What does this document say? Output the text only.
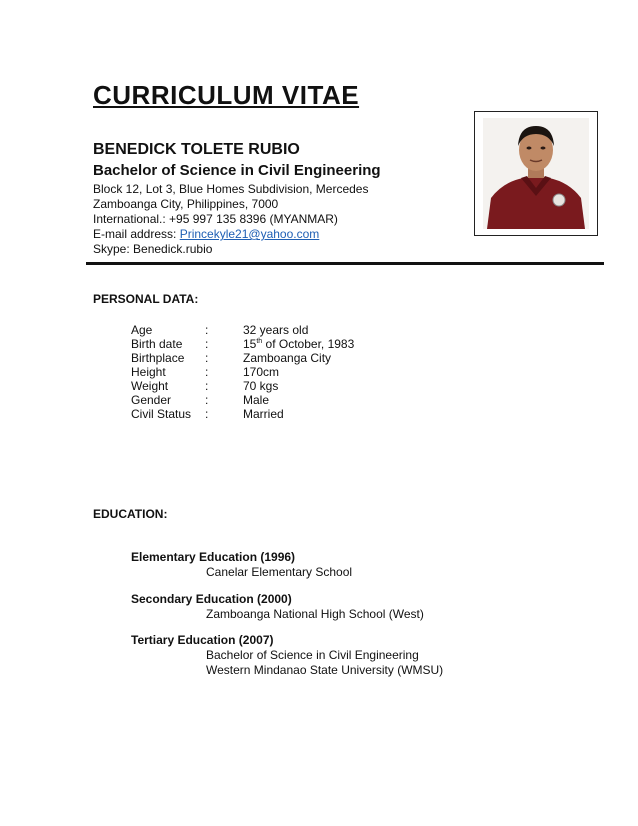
CURRICULUM VITAE
BENEDICK TOLETE RUBIO
Bachelor of Science in Civil Engineering
Block 12, Lot 3, Blue Homes Subdivision, Mercedes
Zamboanga City, Philippines, 7000
International.: +95 997 135 8396 (MYANMAR)
E-mail address: Princekyle21@yahoo.com
Skype: Benedick.rubio
PERSONAL DATA:
Age	:	32 years old
Birth date	:	15th of October, 1983
Birthplace	:	Zamboanga City
Height	:	170cm
Weight	:	70 kgs
Gender	:	Male
Civil Status	:	Married
EDUCATION:
Elementary Education (1996)
Canelar Elementary School
Secondary Education (2000)
Zamboanga National High School (West)
Tertiary Education (2007)
Bachelor of Science in Civil Engineering
Western Mindanao State University (WMSU)
